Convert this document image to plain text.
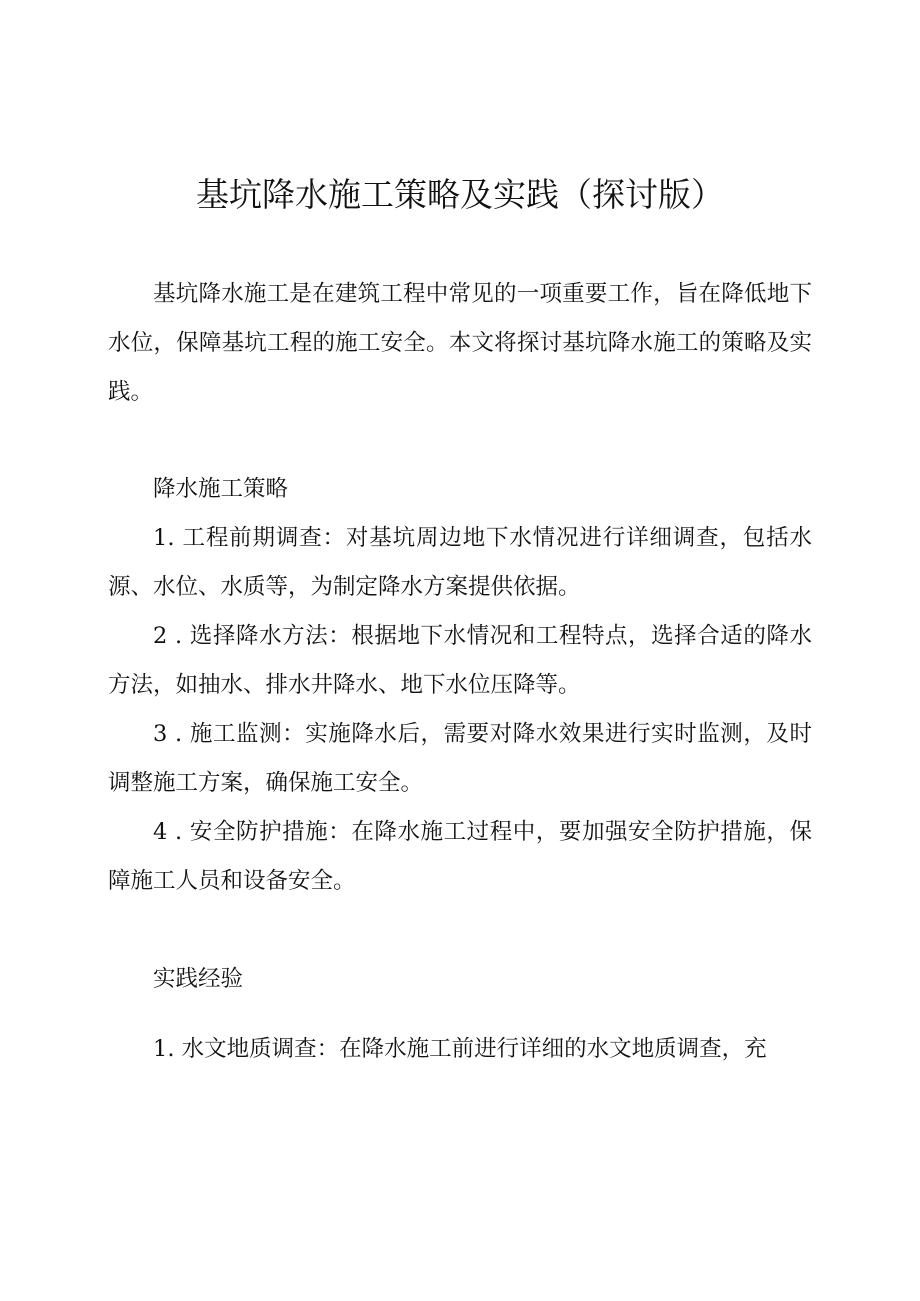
基坑降水施工策略及实践（探讨版）

基坑降水施工是在建筑工程中常见的一项重要工作，旨在降低地下水位，保障基坑工程的施工安全。本文将探讨基坑降水施工的策略及实践。

降水施工策略

1. 工程前期调查：对基坑周边地下水情况进行详细调查，包括水源、水位、水质等，为制定降水方案提供依据。

2 . 选择降水方法：根据地下水情况和工程特点，选择合适的降水方法，如抽水、排水井降水、地下水位压降等。

3 . 施工监测：实施降水后，需要对降水效果进行实时监测，及时调整施工方案，确保施工安全。

4 . 安全防护措施：在降水施工过程中，要加强安全防护措施，保障施工人员和设备安全。

实践经验

1. 水文地质调查：在降水施工前进行详细的水文地质调查，充
